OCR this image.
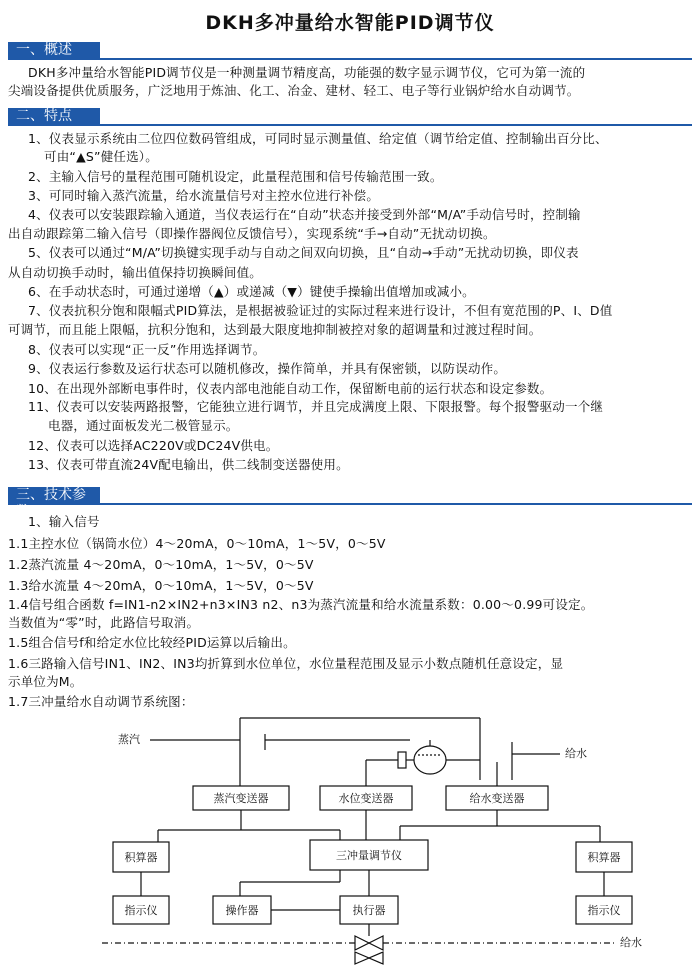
DKH多冲量给水智能PID调节仪
一、概述
DKH多冲量给水智能PID调节仪是一种测量调节精度高，功能强的数字显示调节仪，它可为第一流的
尖端设备提供优质服务，广泛地用于炼油、化工、冶金、建材、轻工、电子等行业锅炉给水自动调节。
二、特点
1、仪表显示系统由二位四位数码管组成，可同时显示测量值、给定值（调节给定值、控制输出百分比、
可由“▲S”健任选）。
2、主输入信号的量程范围可随机设定，此量程范围和信号传输范围一致。
3、可同时输入蒸汽流量，给水流量信号对主控水位进行补偿。
4、仪表可以安装跟踪输入通道，当仪表运行在“自动”状态并接受到外部“M/A”手动信号时，控制输
出自动跟踪第二输入信号（即操作器阀位反馈信号），实现系统“手→自动”无扰动切换。
5、仪表可以通过“M/A”切换键实现手动与自动之间双向切换，且“自动→手动”无扰动切换，即仪表
从自动切换手动时，输出值保持切换瞬间值。
6、在手动状态时，可通过递增（▲）或递减（▼）键使手操输出值增加或减小。
7、仪表抗积分饱和限幅式PID算法，是根据被验证过的实际过程来进行设计，不但有宽范围的P、I、D值
可调节，而且能上限幅，抗积分饱和，达到最大限度地抑制被控对象的超调量和过渡过程时间。
8、仪表可以实现“正一反”作用选择调节。
9、仪表运行参数及运行状态可以随机修改，操作简单，并具有保密锁，以防误动作。
10、在出现外部断电事件时，仪表内部电池能自动工作，保留断电前的运行状态和设定参数。
11、仪表可以安装两路报警，它能独立进行调节，并且完成满度上限、下限报警。每个报警驱动一个继
电器，通过面板发光二极管显示。
12、仪表可以选择AC220V或DC24V供电。
13、仪表可带直流24V配电输出，供二线制变送器使用。
三、技术参数
1、输入信号
1.1主控水位（锅筒水位）4～20mA，0～10mA，1～5V，0～5V
1.2蒸汽流量 4～20mA，0～10mA，1～5V，0～5V
1.3给水流量 4～20mA，0～10mA，1～5V，0～5V
1.4信号组合函数 f=IN1-n2×IN2+n3×IN3 n2、n3为蒸汽流量和给水流量系数：0.00～0.99可设定。
当数值为“零”时，此路信号取消。
1.5组合信号f和给定水位比较经PID运算以后输出。
1.6三路输入信号IN1、IN2、IN3均折算到水位单位，水位量程范围及显示小数点随机任意设定，显
示单位为M。
1.7三冲量给水自动调节系统图：
蒸汽
给水
蒸汽变送器	水位变送器	给水变送器
三冲量调节仪
积算器	积算器
指示仪	指示仪
操作器	执行器
给水
